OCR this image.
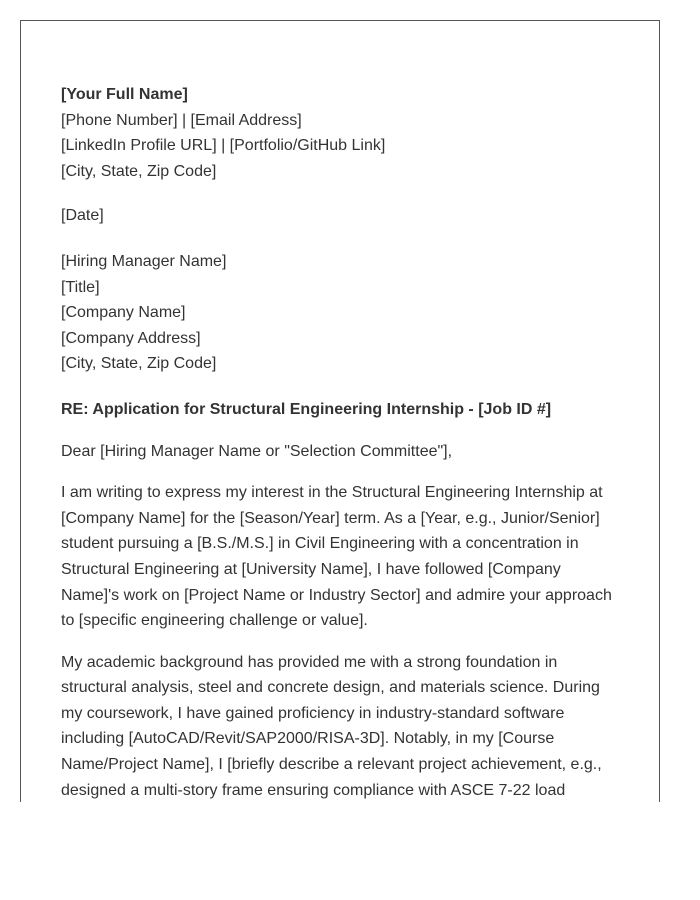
[Your Full Name]
[Phone Number] | [Email Address]
[LinkedIn Profile URL] | [Portfolio/GitHub Link]
[City, State, Zip Code]
[Date]
[Hiring Manager Name]
[Title]
[Company Name]
[Company Address]
[City, State, Zip Code]
RE: Application for Structural Engineering Internship - [Job ID #]
Dear [Hiring Manager Name or "Selection Committee"],

I am writing to express my interest in the Structural Engineering Internship at [Company Name] for the [Season/Year] term. As a [Year, e.g., Junior/Senior] student pursuing a [B.S./M.S.] in Civil Engineering with a concentration in Structural Engineering at [University Name], I have followed [Company Name]'s work on [Project Name or Industry Sector] and admire your approach to [specific engineering challenge or value].

My academic background has provided me with a strong foundation in structural analysis, steel and concrete design, and materials science. During my coursework, I have gained proficiency in industry-standard software including [AutoCAD/Revit/SAP2000/RISA-3D]. Notably, in my [Course Name/Project Name], I [briefly describe a relevant project achievement, e.g., designed a multi-story frame ensuring compliance with ASCE 7-22 load
